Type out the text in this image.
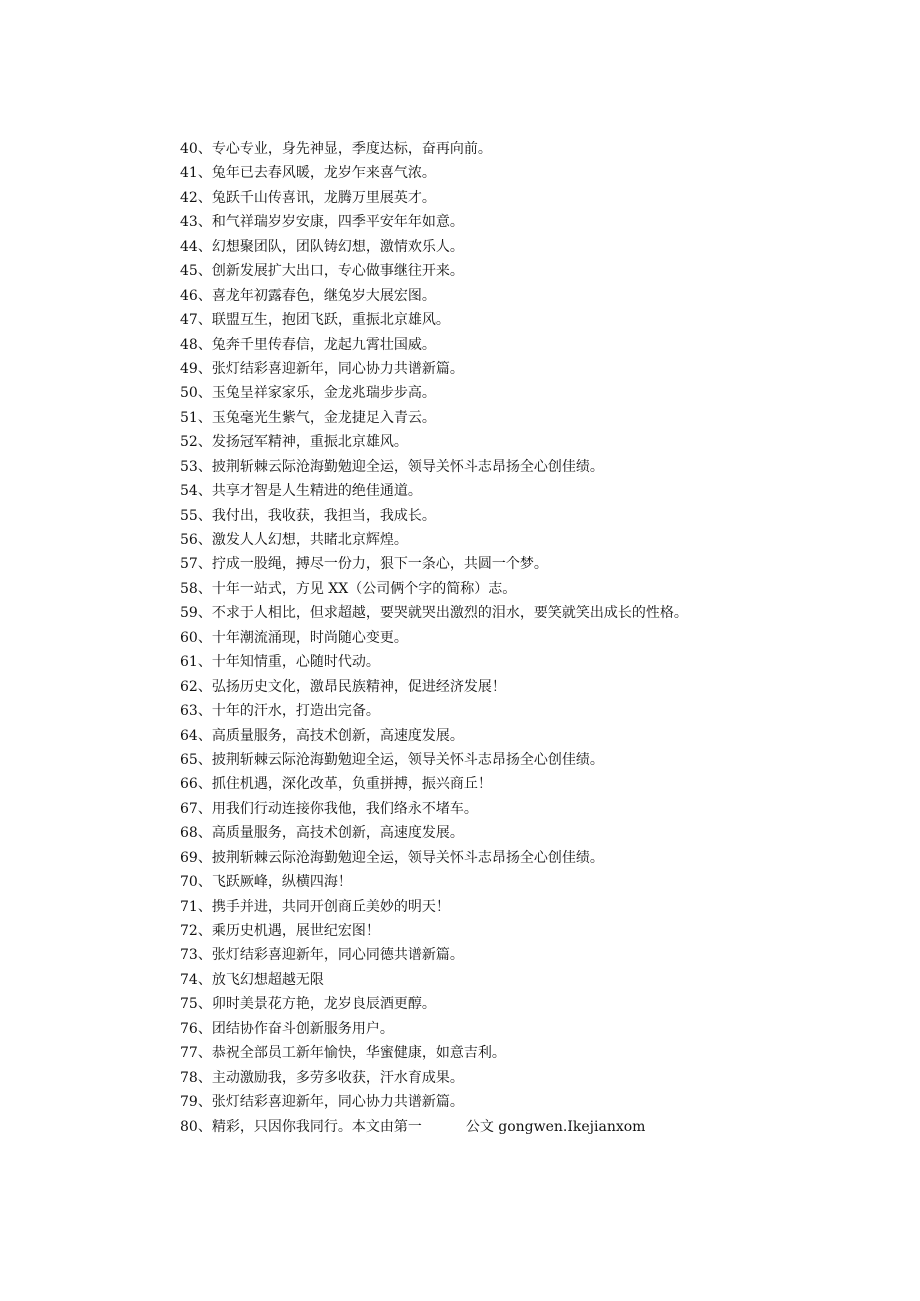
40、专心专业，身先神显，季度达标，奋再向前。
41、兔年已去春风暖，龙岁乍来喜气浓。
42、兔跃千山传喜讯，龙腾万里展英才。
43、和气祥瑞岁岁安康，四季平安年年如意。
44、幻想聚团队，团队铸幻想，激情欢乐人。
45、创新发展扩大出口，专心做事继往开来。
46、喜龙年初露春色，继兔岁大展宏图。
47、联盟互生，抱团飞跃，重振北京雄风。
48、兔奔千里传春信，龙起九霄壮国威。
49、张灯结彩喜迎新年，同心协力共谱新篇。
50、玉兔呈祥家家乐，金龙兆瑞步步高。
51、玉兔毫光生紫气，金龙捷足入青云。
52、发扬冠军精神，重振北京雄风。
53、披荆斩棘云际沧海勤勉迎全运，领导关怀斗志昂扬全心创佳绩。
54、共享才智是人生精进的绝佳通道。
55、我付出，我收获，我担当，我成长。
56、激发人人幻想，共睹北京辉煌。
57、拧成一股绳，搏尽一份力，狠下一条心，共圆一个梦。
58、十年一站式，方见 XX（公司俩个字的简称）志。
59、不求于人相比，但求超越，要哭就哭出激烈的泪水，要笑就笑出成长的性格。
60、十年潮流涌现，时尚随心变更。
61、十年知情重，心随时代动。
62、弘扬历史文化，激昂民族精神，促进经济发展！
63、十年的汗水，打造出完备。
64、高质量服务，高技术创新，高速度发展。
65、披荆斩棘云际沧海勤勉迎全运，领导关怀斗志昂扬全心创佳绩。
66、抓住机遇，深化改革，负重拼搏，振兴商丘！
67、用我们行动连接你我他，我们络永不堵车。
68、高质量服务，高技术创新，高速度发展。
69、披荆斩棘云际沧海勤勉迎全运，领导关怀斗志昂扬全心创佳绩。
70、飞跃厥峰，纵横四海！
71、携手并进，共同开创商丘美妙的明天！
72、乘历史机遇，展世纪宏图！
73、张灯结彩喜迎新年，同心同德共谱新篇。
74、放飞幻想超越无限
75、卯时美景花方艳，龙岁良辰酒更醇。
76、团结协作奋斗创新服务用户。
77、恭祝全部员工新年愉快，华蜜健康，如意吉利。
78、主动激励我，多劳多收获，汗水育成果。
79、张灯结彩喜迎新年，同心协力共谱新篇。
80、精彩，只因你我同行。本文由第一	公文 gongwen.Ikejianxom
